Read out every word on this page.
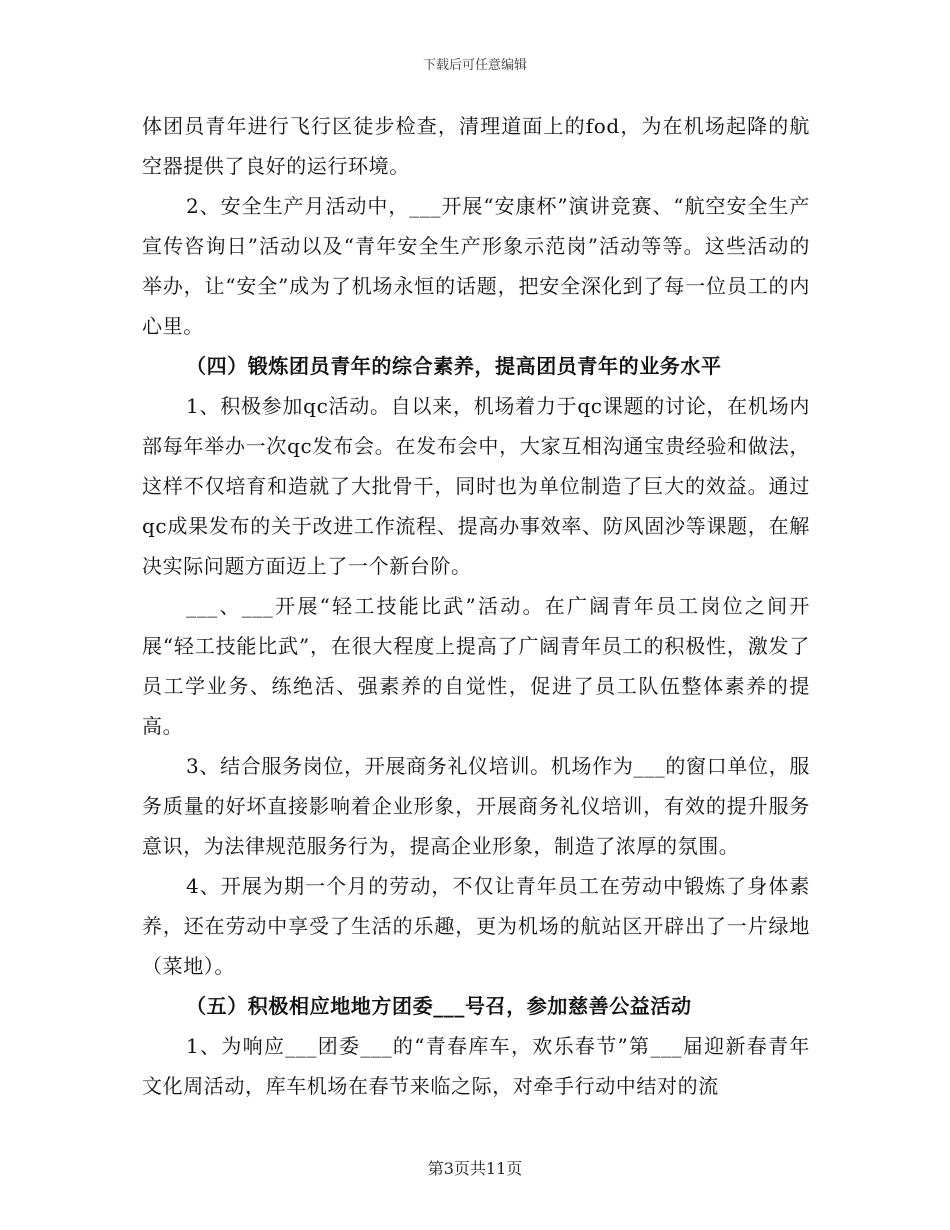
下载后可任意编辑

体团员青年进行飞行区徒步检查，清理道面上的fod，为在机场起降的航空器提供了良好的运行环境。

2、安全生产月活动中，___开展“安康杯”演讲竞赛、“航空安全生产宣传咨询日”活动以及“青年安全生产形象示范岗”活动等等。这些活动的举办，让“安全”成为了机场永恒的话题，把安全深化到了每一位员工的内心里。

（四）锻炼团员青年的综合素养，提高团员青年的业务水平

1、积极参加qc活动。自以来，机场着力于qc课题的讨论，在机场内部每年举办一次qc发布会。在发布会中，大家互相沟通宝贵经验和做法，这样不仅培育和造就了大批骨干，同时也为单位制造了巨大的效益。通过qc成果发布的关于改进工作流程、提高办事效率、防风固沙等课题，在解决实际问题方面迈上了一个新台阶。

___、___开展“轻工技能比武”活动。在广阔青年员工岗位之间开展“轻工技能比武”，在很大程度上提高了广阔青年员工的积极性，激发了员工学业务、练绝活、强素养的自觉性，促进了员工队伍整体素养的提高。

3、结合服务岗位，开展商务礼仪培训。机场作为___的窗口单位，服务质量的好坏直接影响着企业形象，开展商务礼仪培训，有效的提升服务意识，为法律规范服务行为，提高企业形象，制造了浓厚的氛围。

4、开展为期一个月的劳动，不仅让青年员工在劳动中锻炼了身体素养，还在劳动中享受了生活的乐趣，更为机场的航站区开辟出了一片绿地（菜地）。

（五）积极相应地地方团委___号召，参加慈善公益活动

1、为响应___团委___的“青春库车，欢乐春节”第___届迎新春青年文化周活动，库车机场在春节来临之际，对牵手行动中结对的流

第3页共11页
